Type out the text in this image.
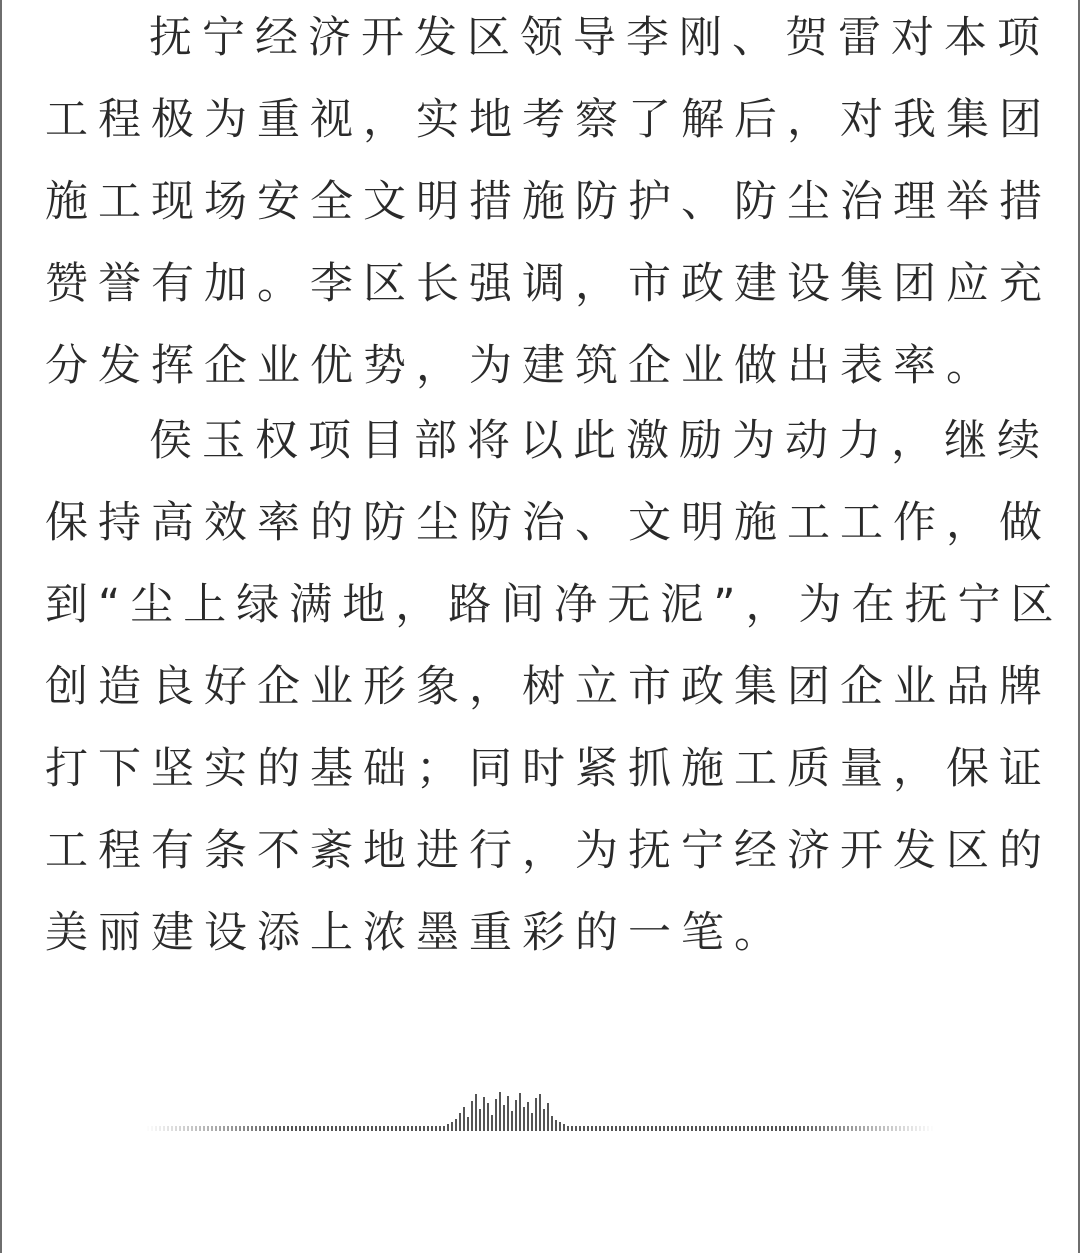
抚宁经济开发区领导李刚、贺雷对本项
工程极为重视，实地考察了解后，对我集团
施工现场安全文明措施防护、防尘治理举措
赞誉有加。李区长强调，市政建设集团应充
分发挥企业优势，为建筑企业做出表率。
侯玉权项目部将以此激励为动力，继续
保持高效率的防尘防治、文明施工工作，做
到“尘上绿满地，路间净无泥”，为在抚宁区
创造良好企业形象，树立市政集团企业品牌
打下坚实的基础；同时紧抓施工质量，保证
工程有条不紊地进行，为抚宁经济开发区的
美丽建设添上浓墨重彩的一笔。
